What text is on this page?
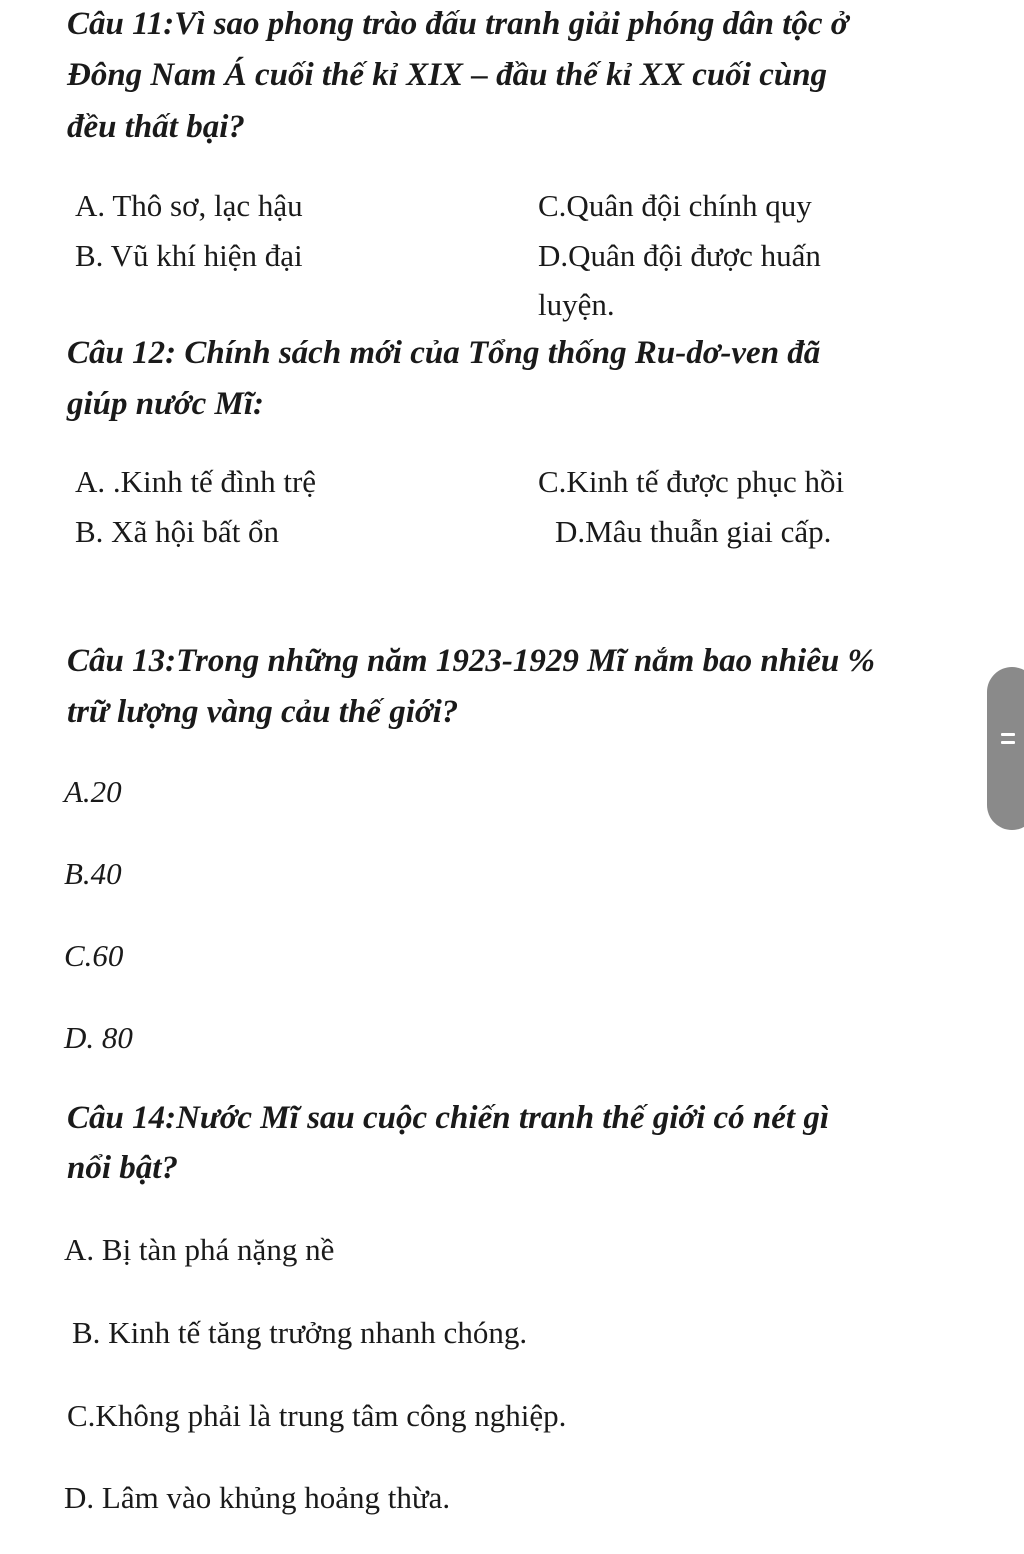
Câu 11:Vì sao phong trào đấu tranh giải phóng dân tộc ở

Đông Nam Á cuối thế kỉ XIX – đầu thế kỉ XX cuối cùng

đều thất bại?

A. Thô sơ, lạc hậu

B. Vũ khí hiện đại

C.Quân đội chính quy

D.Quân đội được huấn

luyện.

Câu 12: Chính sách mới của Tổng thống Ru-dơ-ven đã

giúp nước Mĩ:

A. .Kinh tế đình trệ

B. Xã hội bất ổn

C.Kinh tế được phục hồi

D.Mâu thuẫn giai cấp.

Câu 13:Trong những năm 1923-1929 Mĩ nắm bao nhiêu %

trữ lượng vàng cảu thế giới?

A.20

B.40

C.60

D. 80

Câu 14:Nước Mĩ sau cuộc chiến tranh thế giới có nét gì

nổi bật?

A. Bị tàn phá nặng nề

B. Kinh tế tăng trưởng nhanh chóng.

C.Không phải là trung tâm công nghiệp.

D. Lâm vào khủng hoảng thừa.
